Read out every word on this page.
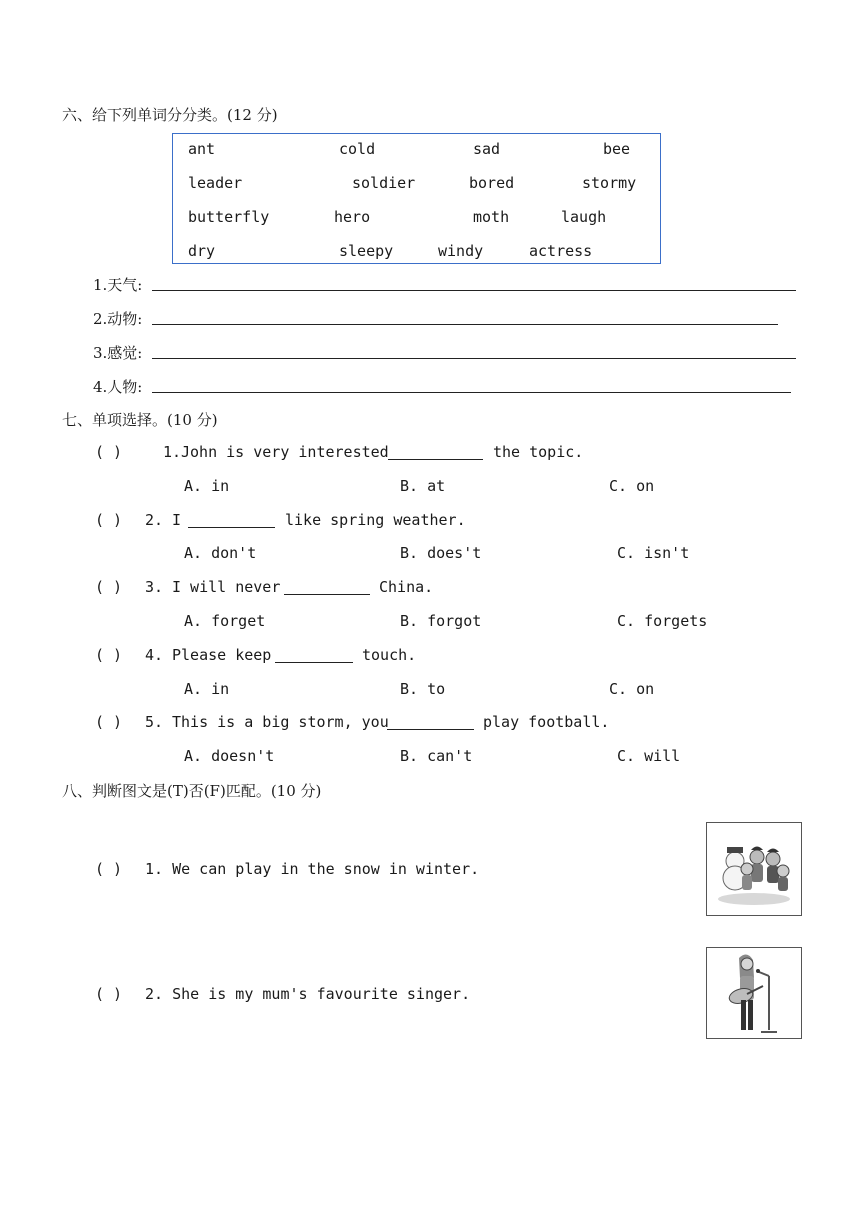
六、给下列单词分分类。(12 分)
ant	cold	sad	bee
leader	soldier	bored	stormy
butterfly	hero	moth	laugh
dry	sleepy	windy	actress
1.天气:
2.动物:
3.感觉:
4.人物:
七、单项选择。(10 分)
( )	1. John is very interested	the topic.
A. in	B. at	C. on
( ) 2. I	like spring weather.
A. don't	B. does't	C. isn't
( ) 3. I will never	China.
A. forget	B. forgot	C. forgets
( ) 4. Please keep	touch.
A. in	B. to	C. on
( ) 5. This is a big storm, you	play football.
A. doesn't	B. can't	C. will
八、判断图文是(T)否(F)匹配。(10 分)
( ) 1. We can play in the snow in winter.
( ) 2. She is my mum's favourite singer.
